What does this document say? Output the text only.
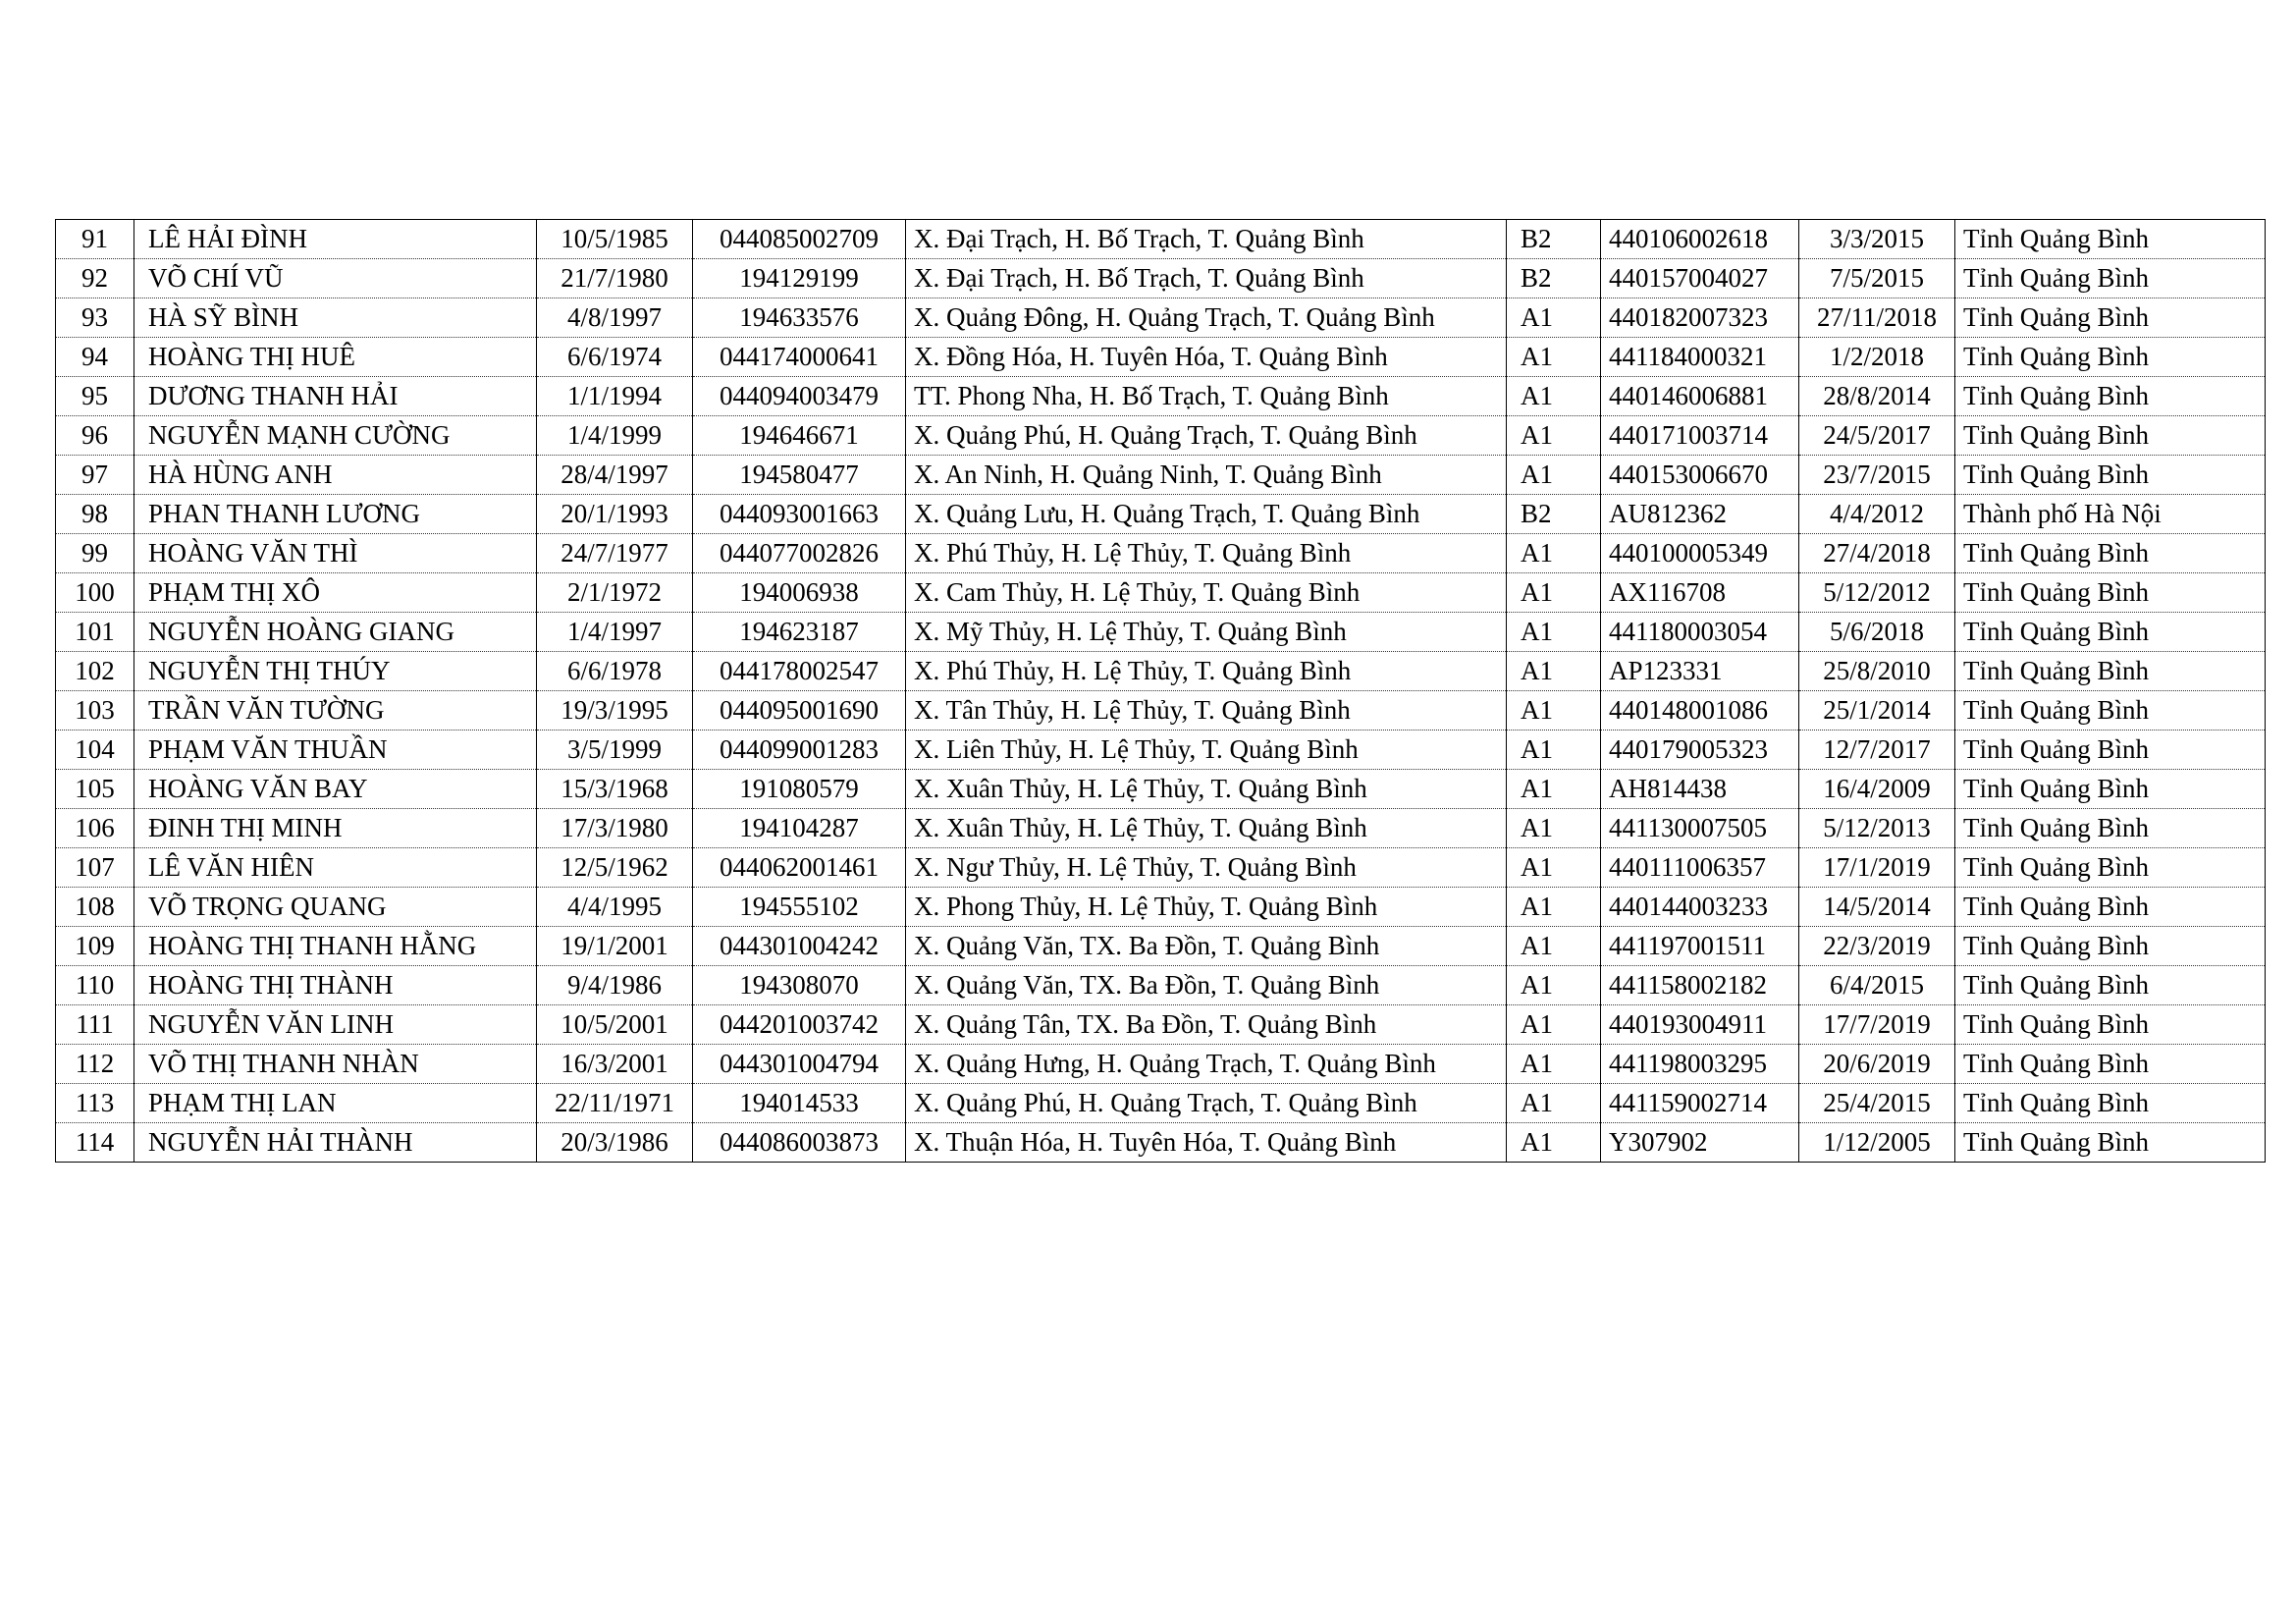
91	LÊ HẢI ĐÌNH	10/5/1985	044085002709	X. Đại Trạch, H. Bố Trạch, T. Quảng Bình	B2	440106002618	3/3/2015	Tỉnh Quảng Bình
92	VÕ CHÍ VŨ	21/7/1980	194129199	X. Đại Trạch, H. Bố Trạch, T. Quảng Bình	B2	440157004027	7/5/2015	Tỉnh Quảng Bình
93	HÀ SỸ BÌNH	4/8/1997	194633576	X. Quảng Đông, H. Quảng Trạch, T. Quảng Bình	A1	440182007323	27/11/2018	Tỉnh Quảng Bình
94	HOÀNG THỊ HUÊ	6/6/1974	044174000641	X. Đồng Hóa, H. Tuyên Hóa, T. Quảng Bình	A1	441184000321	1/2/2018	Tỉnh Quảng Bình
95	DƯƠNG THANH HẢI	1/1/1994	044094003479	TT. Phong Nha, H. Bố Trạch, T. Quảng Bình	A1	440146006881	28/8/2014	Tỉnh Quảng Bình
96	NGUYỄN MẠNH CƯỜNG	1/4/1999	194646671	X. Quảng Phú, H. Quảng Trạch, T. Quảng Bình	A1	440171003714	24/5/2017	Tỉnh Quảng Bình
97	HÀ HÙNG ANH	28/4/1997	194580477	X. An Ninh, H. Quảng Ninh, T. Quảng Bình	A1	440153006670	23/7/2015	Tỉnh Quảng Bình
98	PHAN THANH LƯƠNG	20/1/1993	044093001663	X. Quảng Lưu, H. Quảng Trạch, T. Quảng Bình	B2	AU812362	4/4/2012	Thành phố Hà Nội
99	HOÀNG VĂN THÌ	24/7/1977	044077002826	X. Phú Thủy, H. Lệ Thủy, T. Quảng Bình	A1	440100005349	27/4/2018	Tỉnh Quảng Bình
100	PHẠM THỊ XÔ	2/1/1972	194006938	X. Cam Thủy, H. Lệ Thủy, T. Quảng Bình	A1	AX116708	5/12/2012	Tỉnh Quảng Bình
101	NGUYỄN HOÀNG GIANG	1/4/1997	194623187	X. Mỹ Thủy, H. Lệ Thủy, T. Quảng Bình	A1	441180003054	5/6/2018	Tỉnh Quảng Bình
102	NGUYỄN THỊ THÚY	6/6/1978	044178002547	X. Phú Thủy, H. Lệ Thủy, T. Quảng Bình	A1	AP123331	25/8/2010	Tỉnh Quảng Bình
103	TRẦN VĂN TƯỜNG	19/3/1995	044095001690	X. Tân Thủy, H. Lệ Thủy, T. Quảng Bình	A1	440148001086	25/1/2014	Tỉnh Quảng Bình
104	PHẠM VĂN THUẦN	3/5/1999	044099001283	X. Liên Thủy, H. Lệ Thủy, T. Quảng Bình	A1	440179005323	12/7/2017	Tỉnh Quảng Bình
105	HOÀNG VĂN BAY	15/3/1968	191080579	X. Xuân Thủy, H. Lệ Thủy, T. Quảng Bình	A1	AH814438	16/4/2009	Tỉnh Quảng Bình
106	ĐINH THỊ MINH	17/3/1980	194104287	X. Xuân Thủy, H. Lệ Thủy, T. Quảng Bình	A1	441130007505	5/12/2013	Tỉnh Quảng Bình
107	LÊ VĂN HIÊN	12/5/1962	044062001461	X. Ngư Thủy, H. Lệ Thủy, T. Quảng Bình	A1	440111006357	17/1/2019	Tỉnh Quảng Bình
108	VÕ TRỌNG QUANG	4/4/1995	194555102	X. Phong Thủy, H. Lệ Thủy, T. Quảng Bình	A1	440144003233	14/5/2014	Tỉnh Quảng Bình
109	HOÀNG THỊ THANH HẰNG	19/1/2001	044301004242	X. Quảng Văn, TX. Ba Đồn, T. Quảng Bình	A1	441197001511	22/3/2019	Tỉnh Quảng Bình
110	HOÀNG THỊ THÀNH	9/4/1986	194308070	X. Quảng Văn, TX. Ba Đồn, T. Quảng Bình	A1	441158002182	6/4/2015	Tỉnh Quảng Bình
111	NGUYỄN VĂN LINH	10/5/2001	044201003742	X. Quảng Tân, TX. Ba Đồn, T. Quảng Bình	A1	440193004911	17/7/2019	Tỉnh Quảng Bình
112	VÕ THỊ THANH NHÀN	16/3/2001	044301004794	X. Quảng Hưng, H. Quảng Trạch, T. Quảng Bình	A1	441198003295	20/6/2019	Tỉnh Quảng Bình
113	PHẠM THỊ LAN	22/11/1971	194014533	X. Quảng Phú, H. Quảng Trạch, T. Quảng Bình	A1	441159002714	25/4/2015	Tỉnh Quảng Bình
114	NGUYỄN HẢI THÀNH	20/3/1986	044086003873	X. Thuận Hóa, H. Tuyên Hóa, T. Quảng Bình	A1	Y307902	1/12/2005	Tỉnh Quảng Bình
